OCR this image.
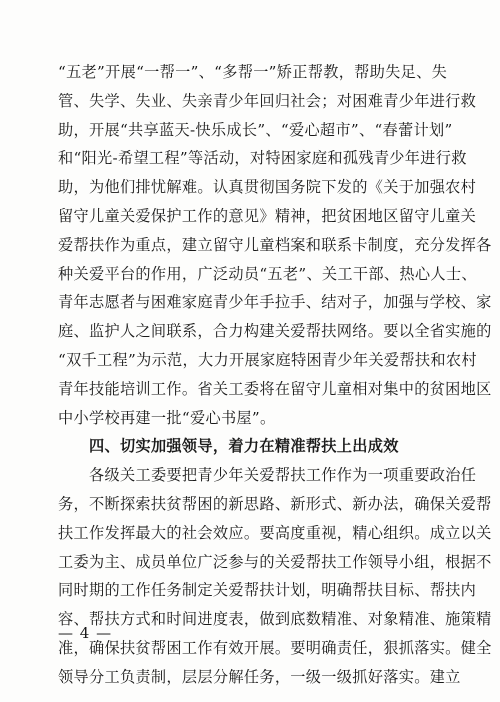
“五老”开展“一帮一”、“多帮一”矫正帮教，帮助失足、失
管、失学、失业、失亲青少年回归社会；对困难青少年进行救
助，开展“共享蓝天-快乐成长”、“爱心超市”、“春蕾计划”
和“阳光-希望工程”等活动，对特困家庭和孤残青少年进行救
助，为他们排忧解难。认真贯彻国务院下发的《关于加强农村
留守儿童关爱保护工作的意见》精神，把贫困地区留守儿童关
爱帮扶作为重点，建立留守儿童档案和联系卡制度，充分发挥各
种关爱平台的作用，广泛动员“五老”、关工干部、热心人士、
青年志愿者与困难家庭青少年手拉手、结对子，加强与学校、家
庭、监护人之间联系，合力构建关爱帮扶网络。要以全省实施的
“双千工程”为示范，大力开展家庭特困青少年关爱帮扶和农村
青年技能培训工作。省关工委将在留守儿童相对集中的贫困地区
中小学校再建一批“爱心书屋”。
四、切实加强领导，着力在精准帮扶上出成效
各级关工委要把青少年关爱帮扶工作作为一项重要政治任
务，不断探索扶贫帮困的新思路、新形式、新办法，确保关爱帮
扶工作发挥最大的社会效应。要高度重视，精心组织。成立以关
工委为主、成员单位广泛参与的关爱帮扶工作领导小组，根据不
同时期的工作任务制定关爱帮扶计划，明确帮扶目标、帮扶内
容、帮扶方式和时间进度表，做到底数精准、对象精准、施策精
准，确保扶贫帮困工作有效开展。要明确责任，狠抓落实。健全
领导分工负责制，层层分解任务，一级一级抓好落实。建立
— 4 —
